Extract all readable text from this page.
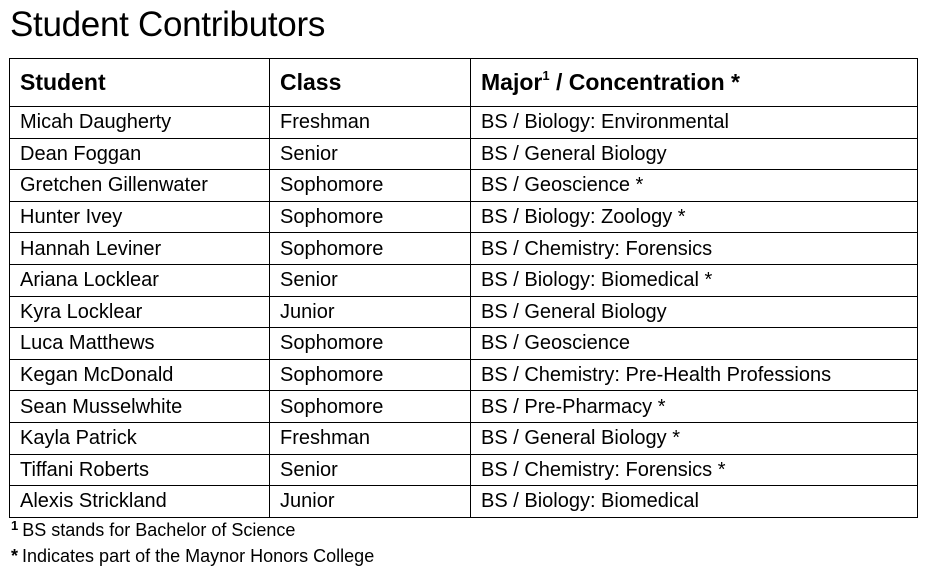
Student Contributors
Student	Class	Major$^1$ / Concentration *
Micah Daugherty	Freshman	BS / Biology: Environmental
Dean Foggan	Senior	BS / General Biology
Gretchen Gillenwater	Sophomore	BS / Geoscience *
Hunter Ivey	Sophomore	BS / Biology: Zoology *
Hannah Leviner	Sophomore	BS / Chemistry: Forensics
Ariana Locklear	Senior	BS / Biology: Biomedical *
Kyra Locklear	Junior	BS / General Biology
Luca Matthews	Sophomore	BS / Geoscience
Kegan McDonald	Sophomore	BS / Chemistry: Pre-Health Professions
Sean Musselwhite	Sophomore	BS / Pre-Pharmacy *
Kayla Patrick	Freshman	BS / General Biology *
Tiffani Roberts	Senior	BS / Chemistry: Forensics *
Alexis Strickland	Junior	BS / Biology: Biomedical
$^1$ BS stands for Bachelor of Science
* Indicates part of the Maynor Honors College
